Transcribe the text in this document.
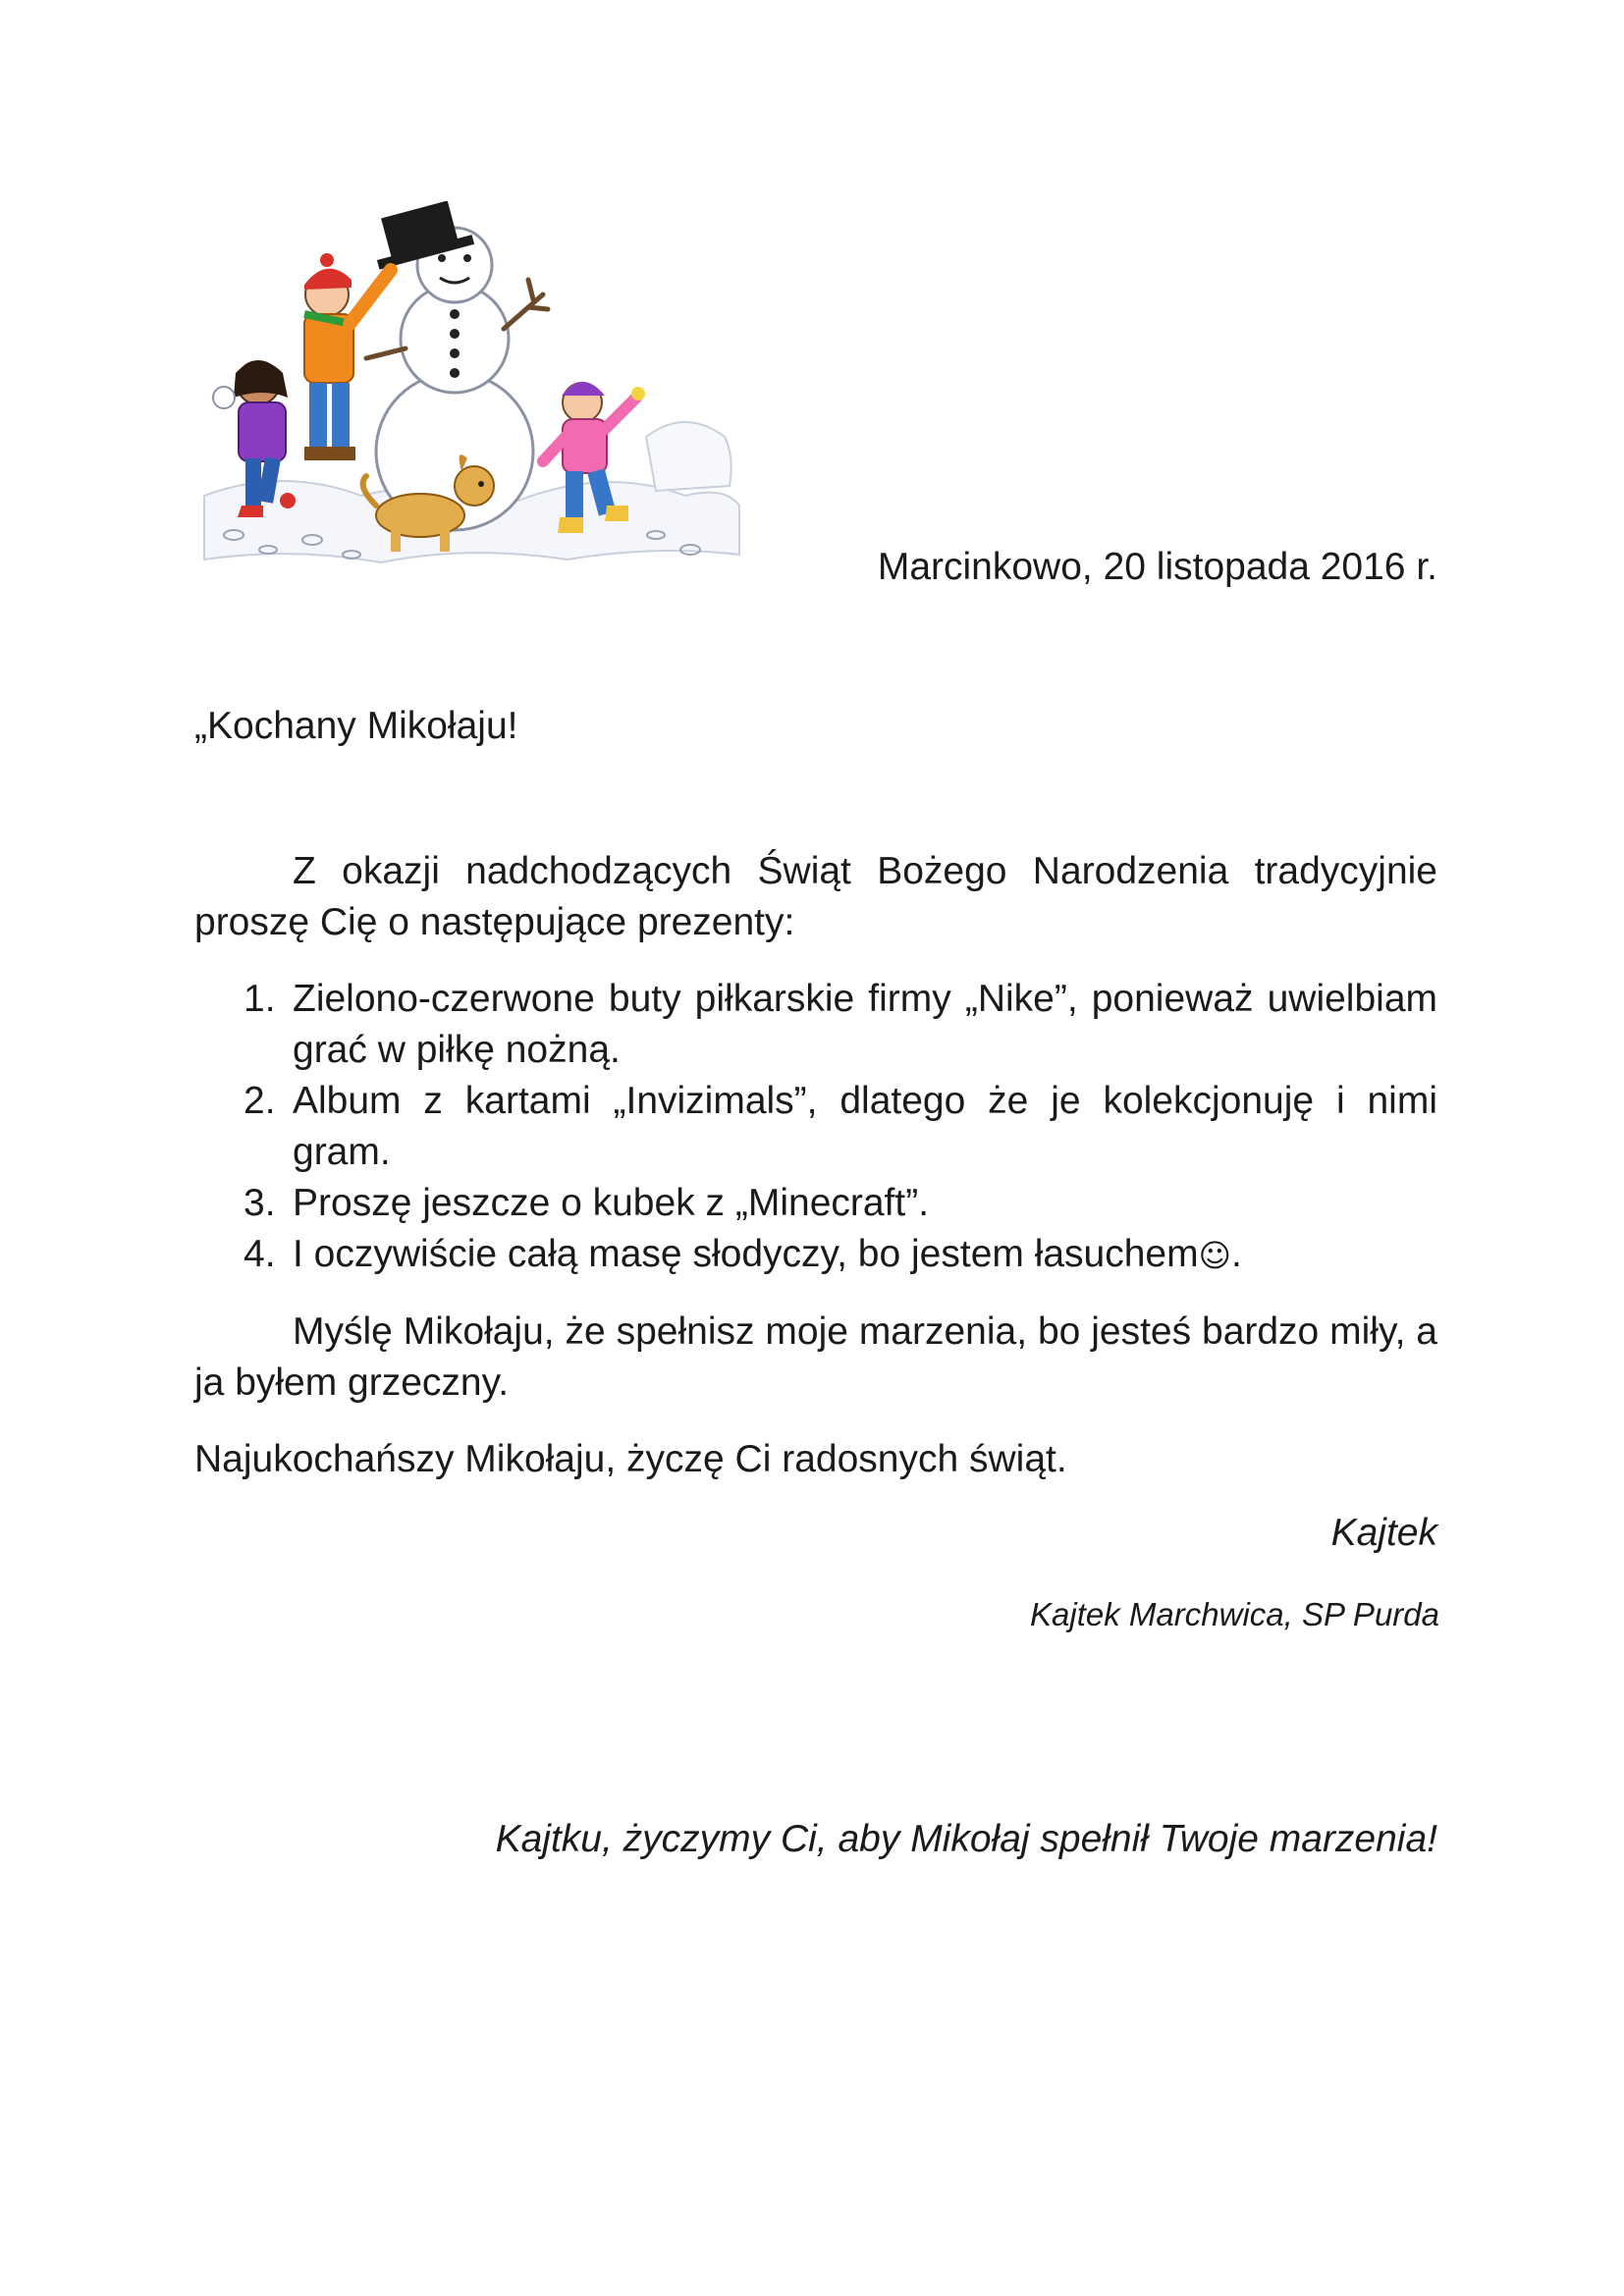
Marcinkowo, 20 listopada 2016 r.
„Kochany Mikołaju!

Z okazji nadchodzących Świąt Bożego Narodzenia tradycyjnie proszę Cię o następujące prezenty:

1. Zielono-czerwone buty piłkarskie firmy „Nike”, ponieważ uwielbiam grać w piłkę nożną.
2. Album z kartami „Invizimals”, dlatego że je kolekcjonuję i nimi gram.
3. Proszę jeszcze o kubek z „Minecraft”.
4. I oczywiście całą masę słodyczy, bo jestem łasuchem☺.

Myślę Mikołaju, że spełnisz moje marzenia, bo jesteś bardzo miły, a ja byłem grzeczny.

Najukochańszy Mikołaju, życzę Ci radosnych świąt.

Kajtek
Kajtek Marchwica, SP Purda
Kajtku, życzymy Ci, aby Mikołaj spełnił Twoje marzenia!
